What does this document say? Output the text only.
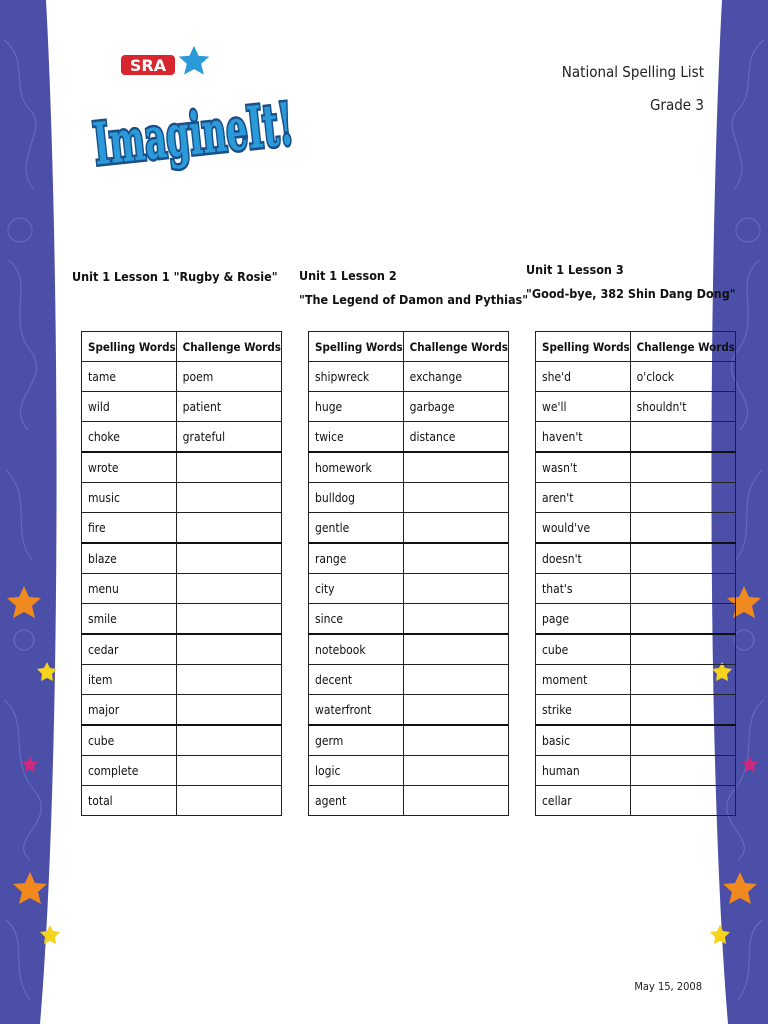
SRA
ImagineIt!
National Spelling List
Grade 3
Unit 1 Lesson 1 "Rugby & Rosie" Unit 1 Lesson 2
"The Legend of Damon and Pythias"
Unit 1 Lesson 3
"Good-bye, 382 Shin Dang Dong"
Spelling Words	Challenge Words
tame	poem
wild	patient
choke	grateful
wrote	
music	
fire	
blaze	
menu	
smile	
cedar	
item	
major	
cube	
complete	
total	
Spelling Words	Challenge Words
shipwreck	exchange
huge	garbage
twice	distance
homework	
bulldog	
gentle	
range	
city	
since	
notebook	
decent	
waterfront	
germ	
logic	
agent	
Spelling Words	Challenge Words
she'd	o'clock
we'll	shouldn't
haven't	
wasn't	
aren't	
would've	
doesn't	
that's	
page	
cube	
moment	
strike	
basic	
human	
cellar	
May 15, 2008
